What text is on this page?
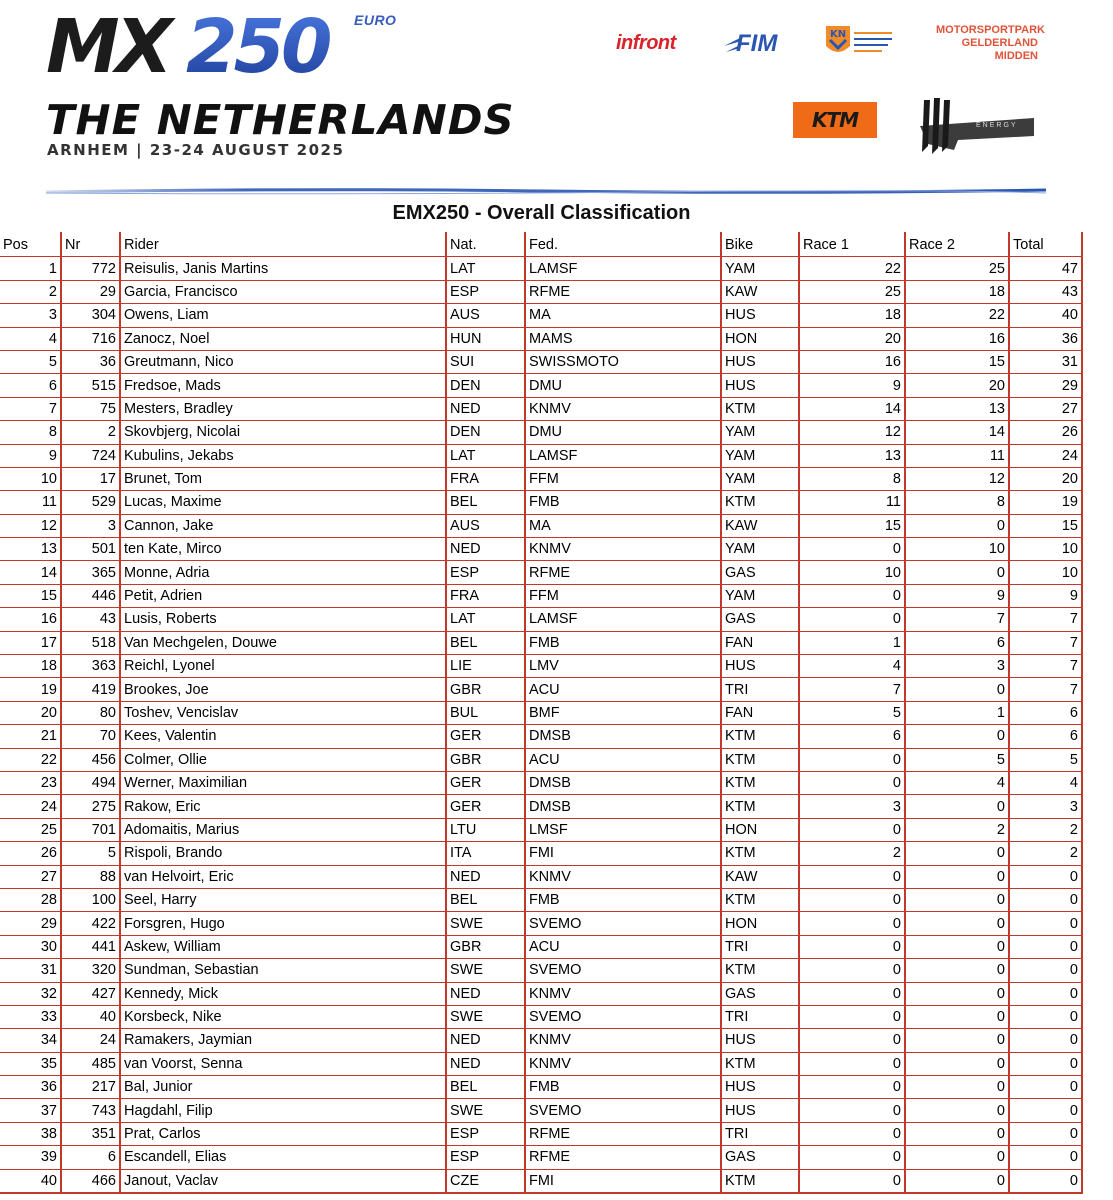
MX 250 EURO
THE NETHERLANDS
ARNHEM | 23-24 AUGUST 2025
infront	FIM	KN	MOTORSPORTPARK
GELDERLAND
MIDDEN
KTM	MONSTER
ENERGY
EMX250 - Overall Classification
Pos	Nr	Rider	Nat.	Fed.	Bike	Race 1	Race 2	Total
1	772	Reisulis, Janis Martins	LAT	LAMSF	YAM	22	25	47
2	29	Garcia, Francisco	ESP	RFME	KAW	25	18	43
3	304	Owens, Liam	AUS	MA	HUS	18	22	40
4	716	Zanocz, Noel	HUN	MAMS	HON	20	16	36
5	36	Greutmann, Nico	SUI	SWISSMOTO	HUS	16	15	31
6	515	Fredsoe, Mads	DEN	DMU	HUS	9	20	29
7	75	Mesters, Bradley	NED	KNMV	KTM	14	13	27
8	2	Skovbjerg, Nicolai	DEN	DMU	YAM	12	14	26
9	724	Kubulins, Jekabs	LAT	LAMSF	YAM	13	11	24
10	17	Brunet, Tom	FRA	FFM	YAM	8	12	20
11	529	Lucas, Maxime	BEL	FMB	KTM	11	8	19
12	3	Cannon, Jake	AUS	MA	KAW	15	0	15
13	501	ten Kate, Mirco	NED	KNMV	YAM	0	10	10
14	365	Monne, Adria	ESP	RFME	GAS	10	0	10
15	446	Petit, Adrien	FRA	FFM	YAM	0	9	9
16	43	Lusis, Roberts	LAT	LAMSF	GAS	0	7	7
17	518	Van Mechgelen, Douwe	BEL	FMB	FAN	1	6	7
18	363	Reichl, Lyonel	LIE	LMV	HUS	4	3	7
19	419	Brookes, Joe	GBR	ACU	TRI	7	0	7
20	80	Toshev, Vencislav	BUL	BMF	FAN	5	1	6
21	70	Kees, Valentin	GER	DMSB	KTM	6	0	6
22	456	Colmer, Ollie	GBR	ACU	KTM	0	5	5
23	494	Werner, Maximilian	GER	DMSB	KTM	0	4	4
24	275	Rakow, Eric	GER	DMSB	KTM	3	0	3
25	701	Adomaitis, Marius	LTU	LMSF	HON	0	2	2
26	5	Rispoli, Brando	ITA	FMI	KTM	2	0	2
27	88	van Helvoirt, Eric	NED	KNMV	KAW	0	0	0
28	100	Seel, Harry	BEL	FMB	KTM	0	0	0
29	422	Forsgren, Hugo	SWE	SVEMO	HON	0	0	0
30	441	Askew, William	GBR	ACU	TRI	0	0	0
31	320	Sundman, Sebastian	SWE	SVEMO	KTM	0	0	0
32	427	Kennedy, Mick	NED	KNMV	GAS	0	0	0
33	40	Korsbeck, Nike	SWE	SVEMO	TRI	0	0	0
34	24	Ramakers, Jaymian	NED	KNMV	HUS	0	0	0
35	485	van Voorst, Senna	NED	KNMV	KTM	0	0	0
36	217	Bal, Junior	BEL	FMB	HUS	0	0	0
37	743	Hagdahl, Filip	SWE	SVEMO	HUS	0	0	0
38	351	Prat, Carlos	ESP	RFME	TRI	0	0	0
39	6	Escandell, Elias	ESP	RFME	GAS	0	0	0
40	466	Janout, Vaclav	CZE	FMI	KTM	0	0	0
